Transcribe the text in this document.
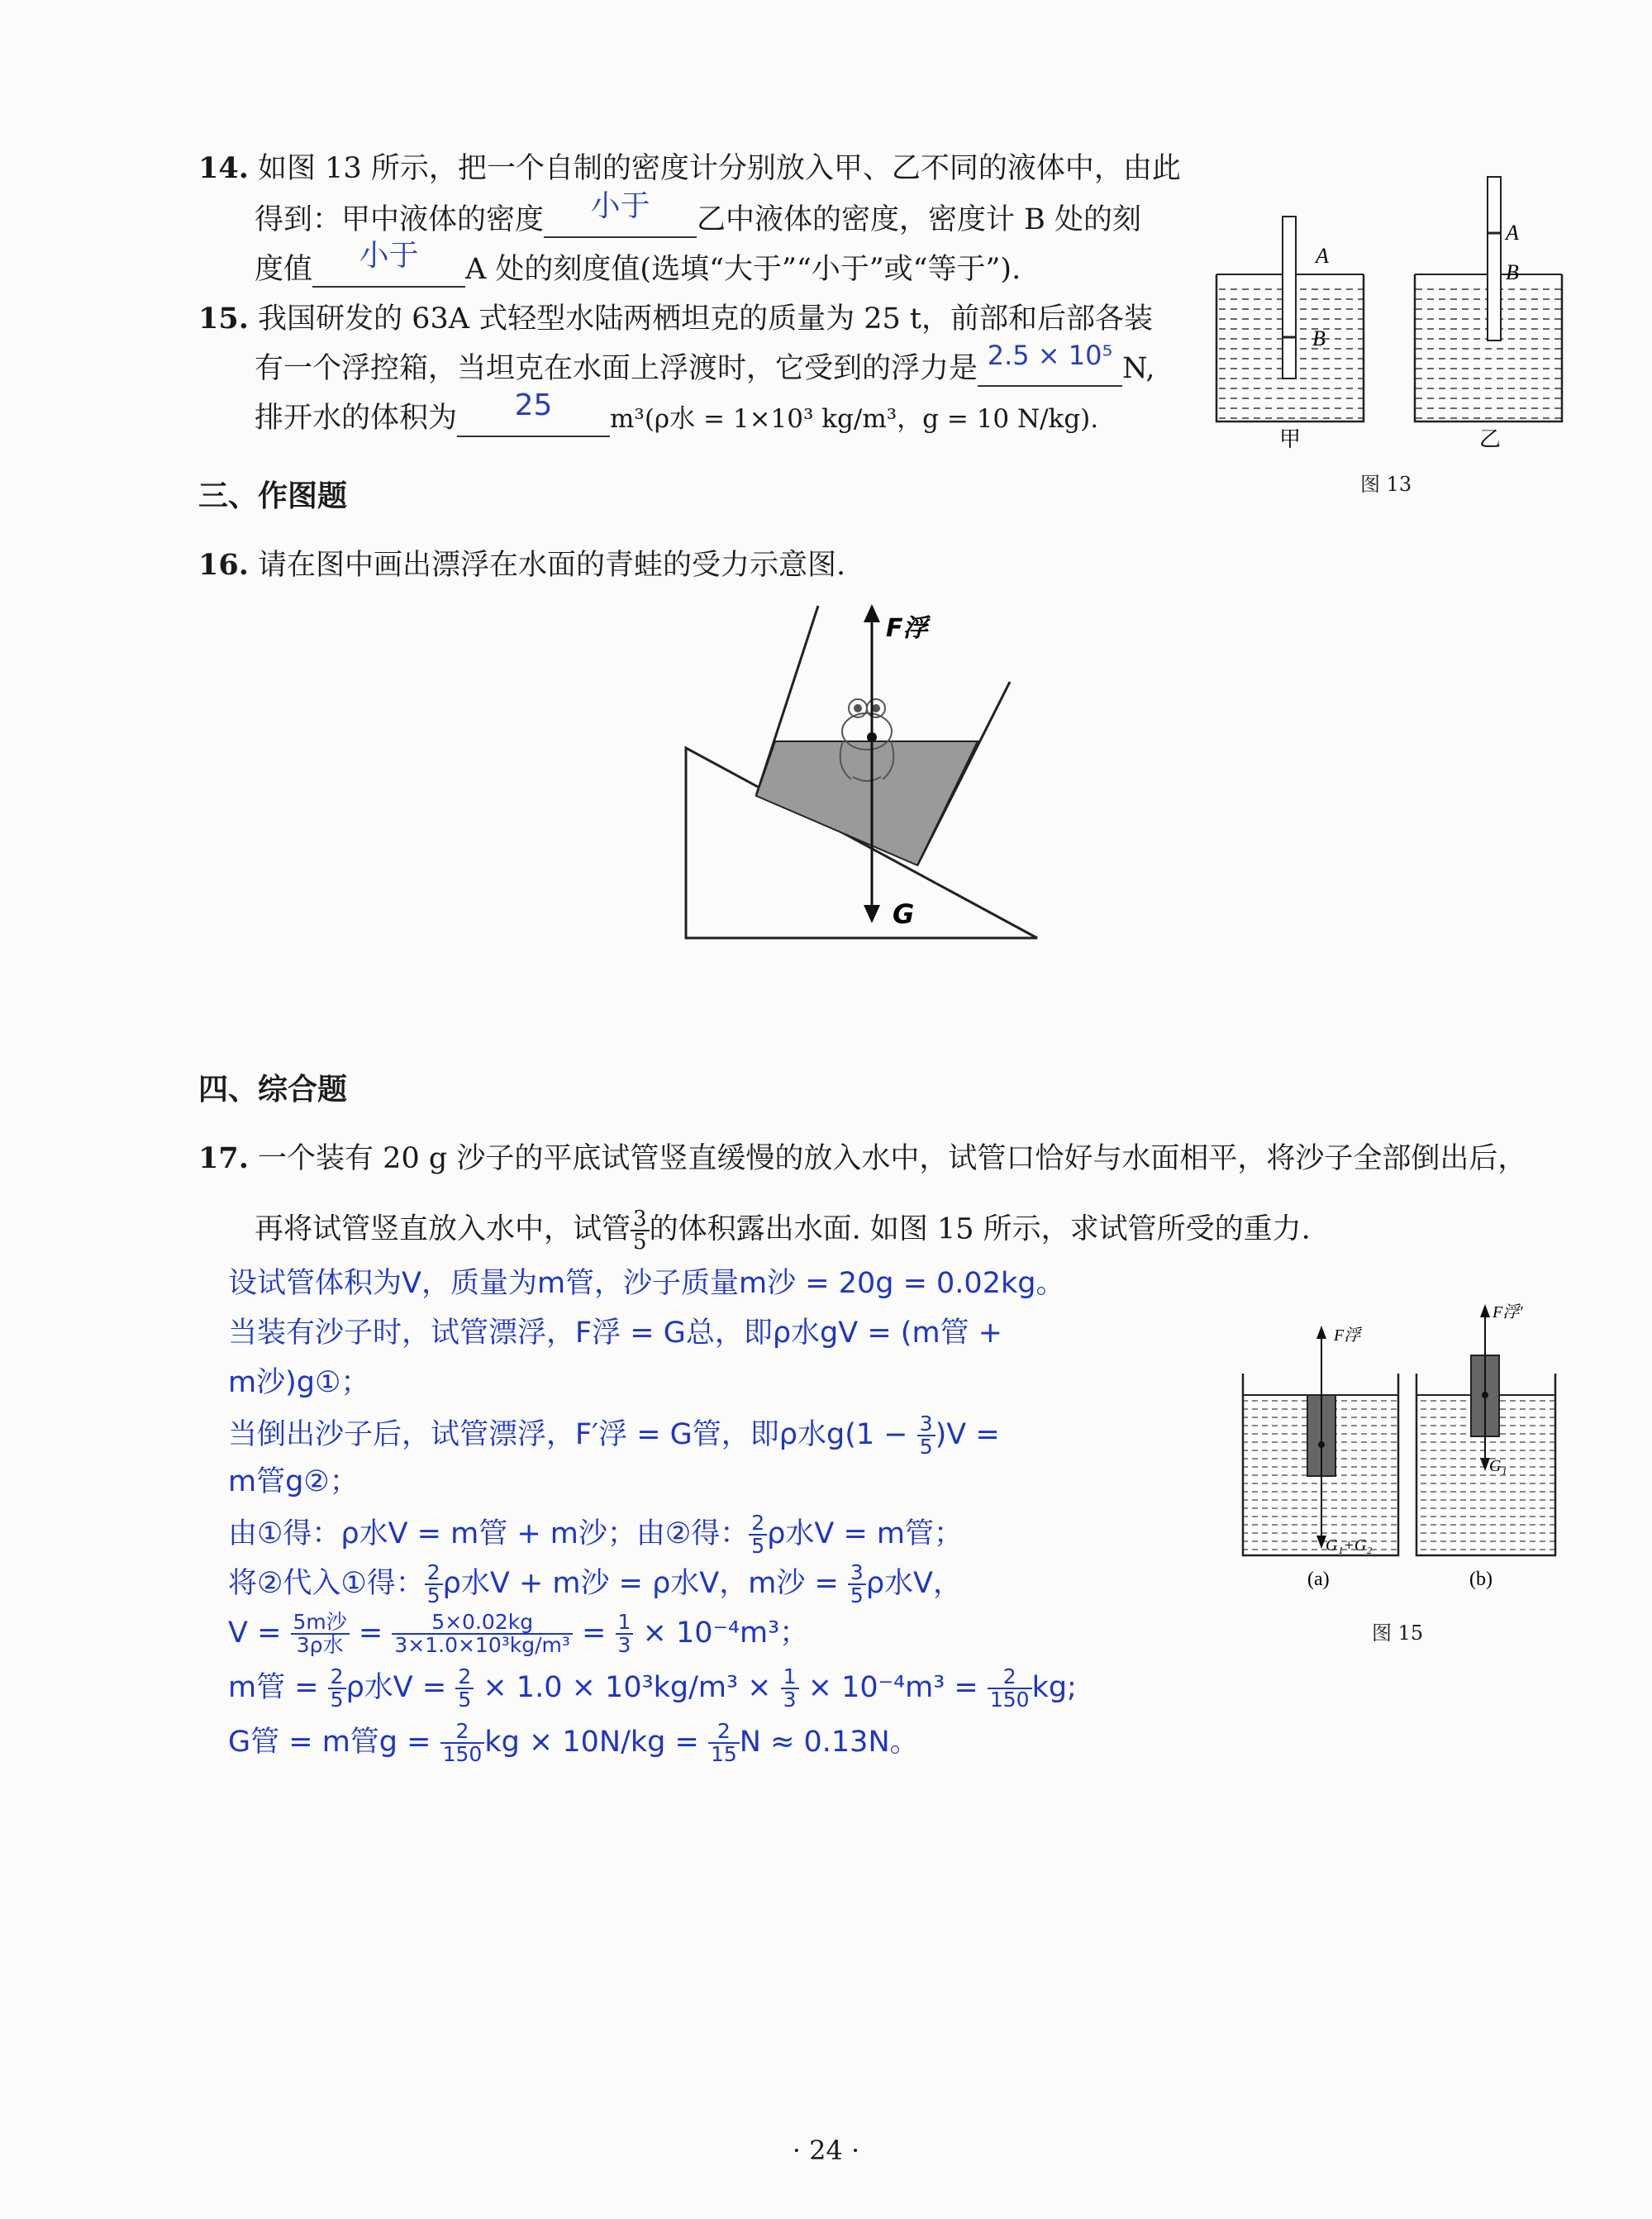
14. 如图 13 所示，把一个自制的密度计分别放入甲、乙不同的液体中，由此
得到：甲中液体的密度	小于	乙中液体的密度，密度计 B 处的刻
度值	小于	A 处的刻度值(选填“大于”“小于”或“等于”).
15. 我国研发的 63A 式轻型水陆两栖坦克的质量为 25 t，前部和后部各装
有一个浮控箱，当坦克在水面上浮渡时，它受到的浮力是 2.5 × 10⁵ N,
排开水的体积为	25	m³(ρ水 = 1×10³ kg/m³，g = 10 N/kg).
A
B
甲
A
B
乙
图 13
三、作图题
16. 请在图中画出漂浮在水面的青蛙的受力示意图.
F浮
G
四、综合题
17. 一个装有 20 g 沙子的平底试管竖直缓慢的放入水中，试管口恰好与水面相平，将沙子全部倒出后，
再将试管竖直放入水中，试管 $\frac{3}{5}$ 的体积露出水面. 如图 15 所示，求试管所受的重力.
设试管体积为V，质量为m管，沙子质量m沙 = 20g = 0.02kg。
当装有沙子时，试管漂浮，F浮 = G总，即ρ水gV = (m管 +
m沙)g①；
当倒出沙子后，试管漂浮，F′浮 = G管，即ρ水$g(1 - \frac{3}{5} )V$ =
m管g②；
由①得：ρ水V = m管 + m沙；由②得： $\frac{2}{5}$ ρ水V = m管；
将②代入①得： $\frac{2}{5}$ ρ水V + m沙 = ρ水V，m沙 = $\frac{3}{5}$ ρ水V，
V = 5m沙
3ρ水 = $\frac{5\times 0.02kg}{\text{3×1.0×10³kg/m³}} = \frac{1}{3} \times 10^{-4}m^3$；
m管 = $\frac{2}{5}$ ρ水$V = \frac{2}{5} \times 1.0 \times 10^3kg/m^3 \times \frac{1}{3} \times 10^{-4}m^3 = \frac{2}{150}$ kg;
G管 = m管$g = \frac{2}{150}$ kg × $10N/kg = \frac{2}{15}$ N ≈ 0.13N。
F浮
G₁+G₂
(a)
F浮′
G₁
(b)
图 15
· 24 ·
